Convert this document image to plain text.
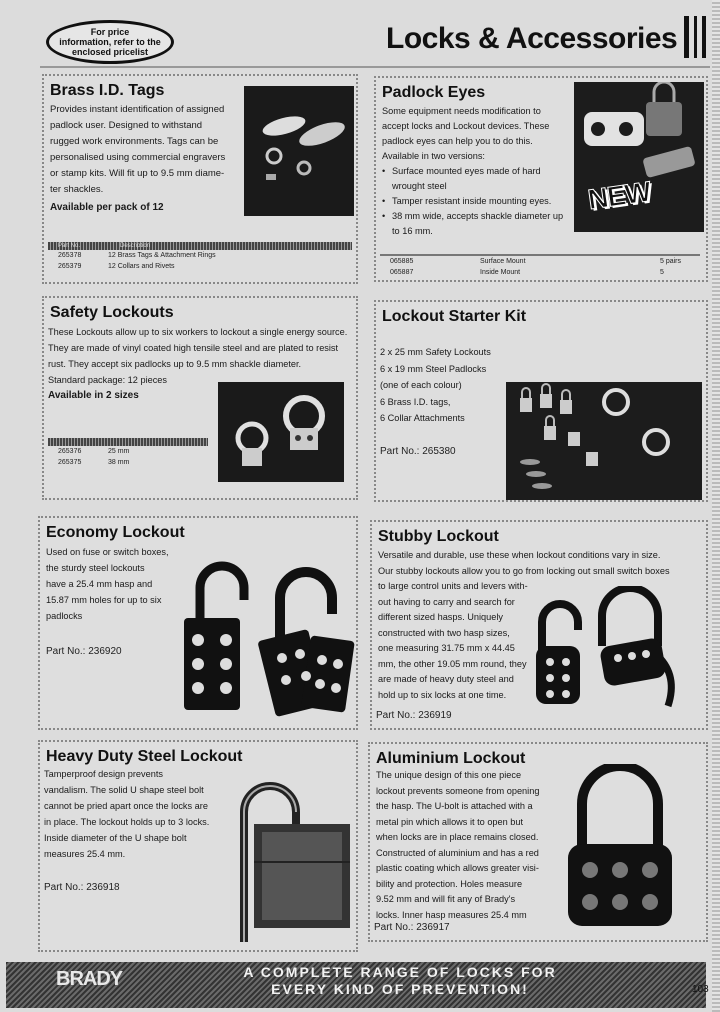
For price
information, refer to the
enclosed pricelist	Locks & Accessories
Brass I.D. Tags
Provides instant identification of assigned
padlock user. Designed to withstand
rugged work environments. Tags can be
personalised using commercial engravers
or stamp kits. Will fit up to 9.5 mm diame-
ter shackles.
Available per pack of 12
Part No.	Description
265378	12 Brass Tags & Attachment Rings
265379	12 Collars and Rivets
Padlock Eyes
Some equipment needs modification to
accept locks and Lockout devices. These
padlock eyes can help you to do this.
Available in two versions:
• Surface mounted eyes made of hard wrought steel
• Tamper resistant inside mounting eyes.
• 38 mm wide, accepts shackle diameter up to 16 mm.
NEW
065885	Surface Mount	5 pairs
065887	Inside Mount	5
Safety Lockouts
These Lockouts allow up to six workers to lockout a single energy source.
They are made of vinyl coated high tensile steel and are plated to resist
rust. They accept six padlocks up to 9.5 mm shackle diameter.
Standard package: 12 pieces
Available in 2 sizes
265376	25 mm
265375	38 mm
Lockout Starter Kit
2 x 25 mm Safety Lockouts
6 x 19 mm Steel Padlocks
(one of each colour)
6 Brass I.D. tags,
6 Collar Attachments
Part No.: 265380
Economy Lockout
Used on fuse or switch boxes,
the sturdy steel lockouts
have a 25.4 mm hasp and
15.87 mm holes for up to six
padlocks
Part No.: 236920
Stubby Lockout
Versatile and durable, use these when lockout conditions vary in size.
Our stubby lockouts allow you to go from locking out small switch boxes
to large control units and levers with-
out having to carry and search for
different sized hasps. Uniquely
constructed with two hasp sizes,
one measuring 31.75 mm x 44.45
mm, the other 19.05 mm round, they
are made of heavy duty steel and
hold up to six locks at one time.
Part No.: 236919
Heavy Duty Steel Lockout
Tamperproof design prevents
vandalism. The solid U shape steel bolt
cannot be pried apart once the locks are
in place. The lockout holds up to 3 locks.
Inside diameter of the U shape bolt
measures 25.4 mm.
Part No.: 236918
Aluminium Lockout
The unique design of this one piece
lockout prevents someone from opening
the hasp. The U-bolt is attached with a
metal pin which allows it to open but
when locks are in place remains closed.
Constructed of aluminium and has a red
plastic coating which allows greater visi-
bility and protection. Holes measure
9.52 mm and will fit any of Brady's
locks. Inner hasp measures 25.4 mm
Part No.: 236917
BRADY	A COMPLETE RANGE OF LOCKS FOR
EVERY KIND OF PREVENTION!	103
